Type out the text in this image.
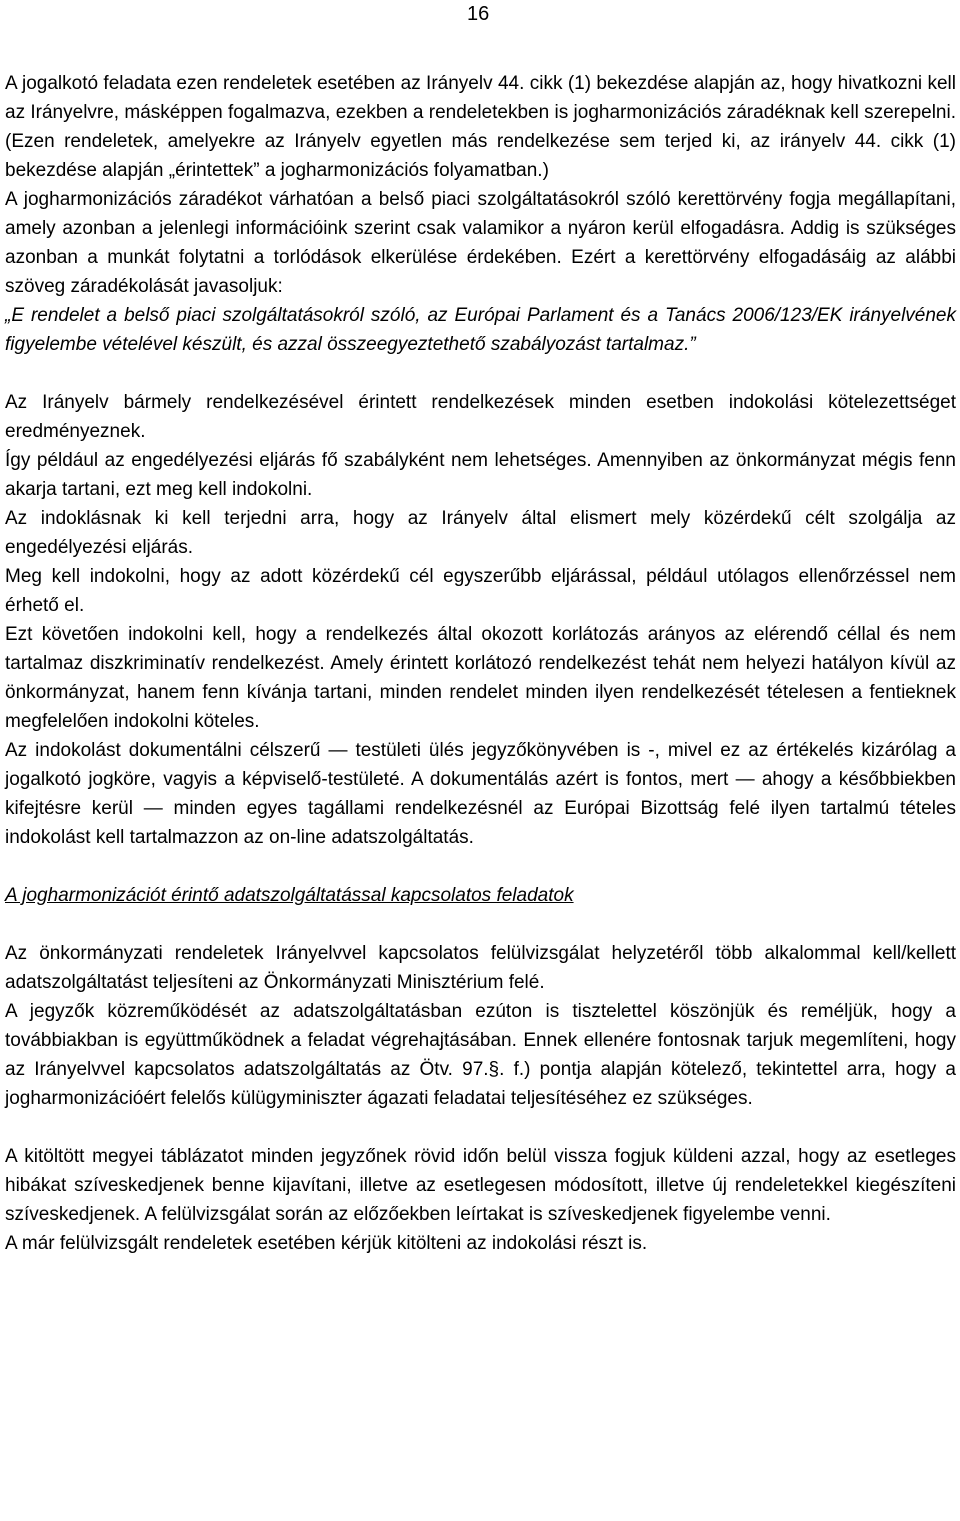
16

A jogalkotó feladata ezen rendeletek esetében az Irányelv 44. cikk (1) bekezdése alapján az, hogy hivatkozni kell az Irányelvre, másképpen fogalmazva, ezekben a rendeletekben is jogharmonizációs záradéknak kell szerepelni. (Ezen rendeletek, amelyekre az Irányelv egyetlen más rendelkezése sem terjed ki, az irányelv 44. cikk (1) bekezdése alapján „érintettek” a jogharmonizációs folyamatban.)

A jogharmonizációs záradékot várhatóan a belső piaci szolgáltatásokról szóló kerettörvény fogja megállapítani, amely azonban a jelenlegi információink szerint csak valamikor a nyáron kerül elfogadásra. Addig is szükséges azonban a munkát folytatni a torlódások elkerülése érdekében. Ezért a kerettörvény elfogadásáig az alábbi szöveg záradékolását javasoljuk:

„E rendelet a belső piaci szolgáltatásokról szóló, az Európai Parlament és a Tanács 2006/123/EK irányelvének figyelembe vételével készült, és azzal összeegyeztethető szabályozást tartalmaz.”

Az Irányelv bármely rendelkezésével érintett rendelkezések minden esetben indokolási kötelezettséget eredményeznek.

Így például az engedélyezési eljárás fő szabályként nem lehetséges. Amennyiben az önkormányzat mégis fenn akarja tartani, ezt meg kell indokolni.

Az indoklásnak ki kell terjedni arra, hogy az Irányelv által elismert mely közérdekű célt szolgálja az engedélyezési eljárás.

Meg kell indokolni, hogy az adott közérdekű cél egyszerűbb eljárással, például utólagos ellenőrzéssel nem érhető el.

Ezt követően indokolni kell, hogy a rendelkezés által okozott korlátozás arányos az elérendő céllal és nem tartalmaz diszkriminatív rendelkezést. Amely érintett korlátozó rendelkezést tehát nem helyezi hatályon kívül az önkormányzat, hanem fenn kívánja tartani, minden rendelet minden ilyen rendelkezését tételesen a fentieknek megfelelően indokolni köteles.

Az indokolást dokumentálni célszerű — testületi ülés jegyzőkönyvében is -, mivel ez az értékelés kizárólag a jogalkotó jogköre, vagyis a képviselő-testületé. A dokumentálás azért is fontos, mert — ahogy a későbbiekben kifejtésre kerül — minden egyes tagállami rendelkezésnél az Európai Bizottság felé ilyen tartalmú tételes indokolást kell tartalmazzon az on-line adatszolgáltatás.

A jogharmonizációt érintő adatszolgáltatással kapcsolatos feladatok

Az önkormányzati rendeletek Irányelvvel kapcsolatos felülvizsgálat helyzetéről több alkalommal kell/kellett adatszolgáltatást teljesíteni az Önkormányzati Minisztérium felé.

A jegyzők közreműködését az adatszolgáltatásban ezúton is tisztelettel köszönjük és reméljük, hogy a továbbiakban is együttműködnek a feladat végrehajtásában. Ennek ellenére fontosnak tarjuk megemlíteni, hogy az Irányelvvel kapcsolatos adatszolgáltatás az Ötv. 97.§. f.) pontja alapján kötelező, tekintettel arra, hogy a jogharmonizációért felelős külügyminiszter ágazati feladatai teljesítéséhez ez szükséges.

A kitöltött megyei táblázatot minden jegyzőnek rövid időn belül vissza fogjuk küldeni azzal, hogy az esetleges hibákat szíveskedjenek benne kijavítani, illetve az esetlegesen módosított, illetve új rendeletekkel kiegészíteni szíveskedjenek. A felülvizsgálat során az előzőekben leírtakat is szíveskedjenek figyelembe venni.

A már felülvizsgált rendeletek esetében kérjük kitölteni az indokolási részt is.
